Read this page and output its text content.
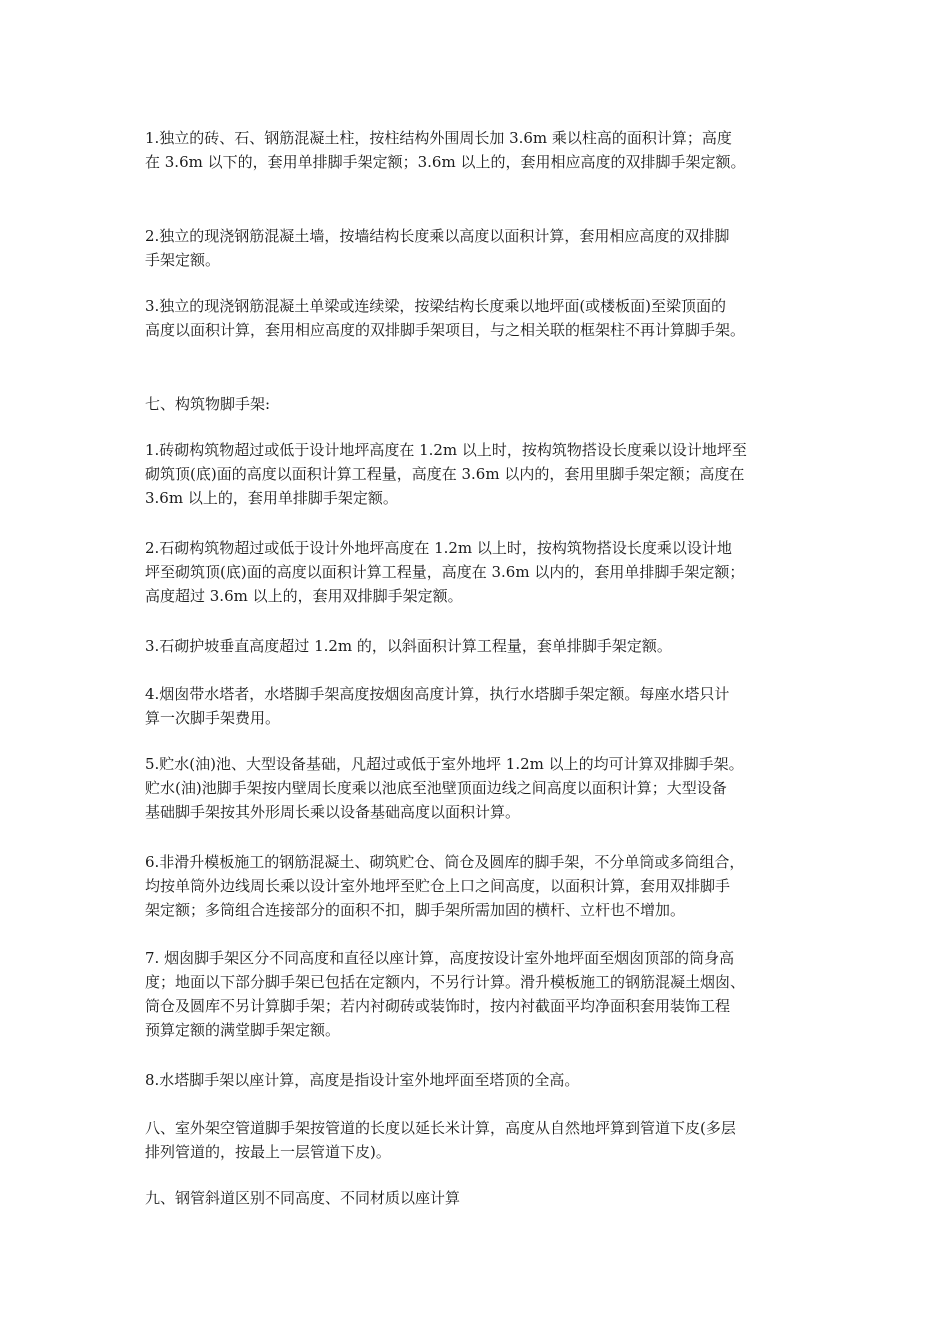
1.独立的砖、石、钢筋混凝土柱，按柱结构外围周长加 3.6m 乘以柱高的面积计算；高度
在 3.6m 以下的，套用单排脚手架定额；3.6m 以上的，套用相应高度的双排脚手架定额。

2.独立的现浇钢筋混凝土墙，按墙结构长度乘以高度以面积计算，套用相应高度的双排脚
手架定额。

3.独立的现浇钢筋混凝土单梁或连续梁，按梁结构长度乘以地坪面(或楼板面)至梁顶面的
高度以面积计算，套用相应高度的双排脚手架项目，与之相关联的框架柱不再计算脚手架。

七、构筑物脚手架:

1.砖砌构筑物超过或低于设计地坪高度在 1.2m 以上时，按构筑物搭设长度乘以设计地坪至
砌筑顶(底)面的高度以面积计算工程量，高度在 3.6m 以内的，套用里脚手架定额；高度在
3.6m 以上的，套用单排脚手架定额。

2.石砌构筑物超过或低于设计外地坪高度在 1.2m 以上时，按构筑物搭设长度乘以设计地
坪至砌筑顶(底)面的高度以面积计算工程量，高度在 3.6m 以内的，套用单排脚手架定额；
高度超过 3.6m 以上的，套用双排脚手架定额。

3.石砌护坡垂直高度超过 1.2m 的，以斜面积计算工程量，套单排脚手架定额。

4.烟囱带水塔者，水塔脚手架高度按烟囱高度计算，执行水塔脚手架定额。每座水塔只计
算一次脚手架费用。

5.贮水(油)池、大型设备基础，凡超过或低于室外地坪 1.2m 以上的均可计算双排脚手架。
贮水(油)池脚手架按内壁周长度乘以池底至池壁顶面边线之间高度以面积计算；大型设备
基础脚手架按其外形周长乘以设备基础高度以面积计算。

6.非滑升模板施工的钢筋混凝土、砌筑贮仓、筒仓及圆库的脚手架，不分单筒或多筒组合，
均按单筒外边线周长乘以设计室外地坪至贮仓上口之间高度，以面积计算，套用双排脚手
架定额；多筒组合连接部分的面积不扣，脚手架所需加固的横杆、立杆也不增加。

7. 烟囱脚手架区分不同高度和直径以座计算，高度按设计室外地坪面至烟囱顶部的筒身高
度；地面以下部分脚手架已包括在定额内，不另行计算。滑升模板施工的钢筋混凝土烟囱、
筒仓及圆库不另计算脚手架；若内衬砌砖或装饰时，按内衬截面平均净面积套用装饰工程
预算定额的满堂脚手架定额。

8.水塔脚手架以座计算，高度是指设计室外地坪面至塔顶的全高。

八、室外架空管道脚手架按管道的长度以延长米计算，高度从自然地坪算到管道下皮(多层
排列管道的，按最上一层管道下皮)。

九、钢管斜道区别不同高度、不同材质以座计算
